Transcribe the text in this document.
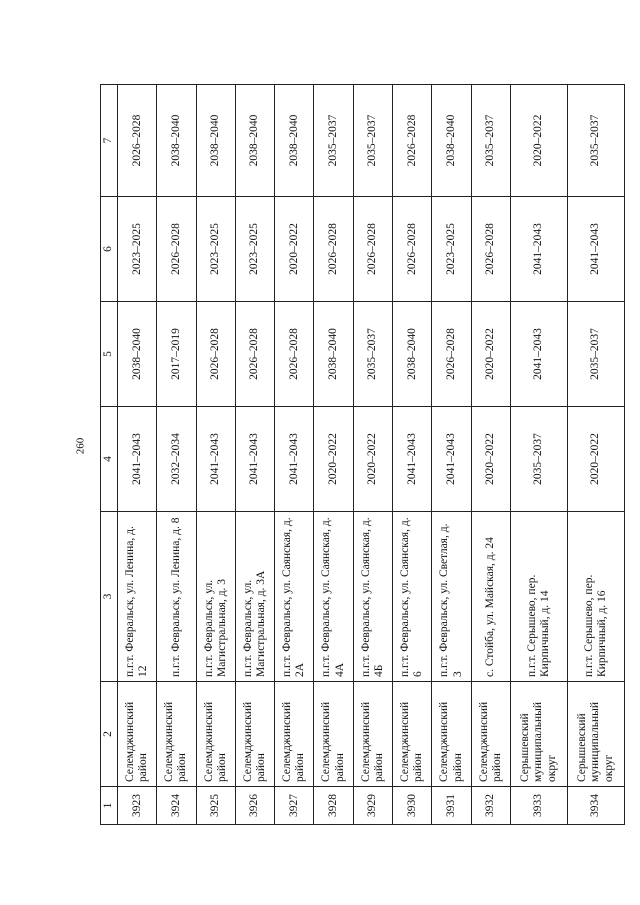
260
1	2	3	4	5	6	7
3923	Селемджинский район	п.г.т. Февральск, ул. Ленина, д. 12	2041–2043	2038–2040	2023–2025	2026–2028
3924	Селемджинский район	п.г.т. Февральск, ул. Ленина, д. 8	2032–2034	2017–2019	2026–2028	2038–2040
3925	Селемджинский район	п.г.т. Февральск, ул. Магистральная, д. 3	2041–2043	2026–2028	2023–2025	2038–2040
3926	Селемджинский район	п.г.т. Февральск, ул. Магистральная, д. 3А	2041–2043	2026–2028	2023–2025	2038–2040
3927	Селемджинский район	п.г.т. Февральск, ул. Саянская, д. 2А	2041–2043	2026–2028	2020–2022	2038–2040
3928	Селемджинский район	п.г.т. Февральск, ул. Саянская, д. 4А	2020–2022	2038–2040	2026–2028	2035–2037
3929	Селемджинский район	п.г.т. Февральск, ул. Саянская, д. 4Б	2020–2022	2035–2037	2026–2028	2035–2037
3930	Селемджинский район	п.г.т. Февральск, ул. Саянская, д. 6	2041–2043	2038–2040	2026–2028	2026–2028
3931	Селемджинский район	п.г.т. Февральск, ул. Светлая, д. 3	2041–2043	2026–2028	2023–2025	2038–2040
3932	Селемджинский район	с. Стойба, ул. Майская, д. 24	2020–2022	2020–2022	2026–2028	2035–2037
3933	Серышевский муниципальный округ	п.г.т. Серышево, пер. Кирпичный, д. 14	2035–2037	2041–2043	2041–2043	2020–2022
3934	Серышевский муниципальный округ	п.г.т. Серышево, пер. Кирпичный, д. 16	2020–2022	2035–2037	2041–2043	2035–2037
